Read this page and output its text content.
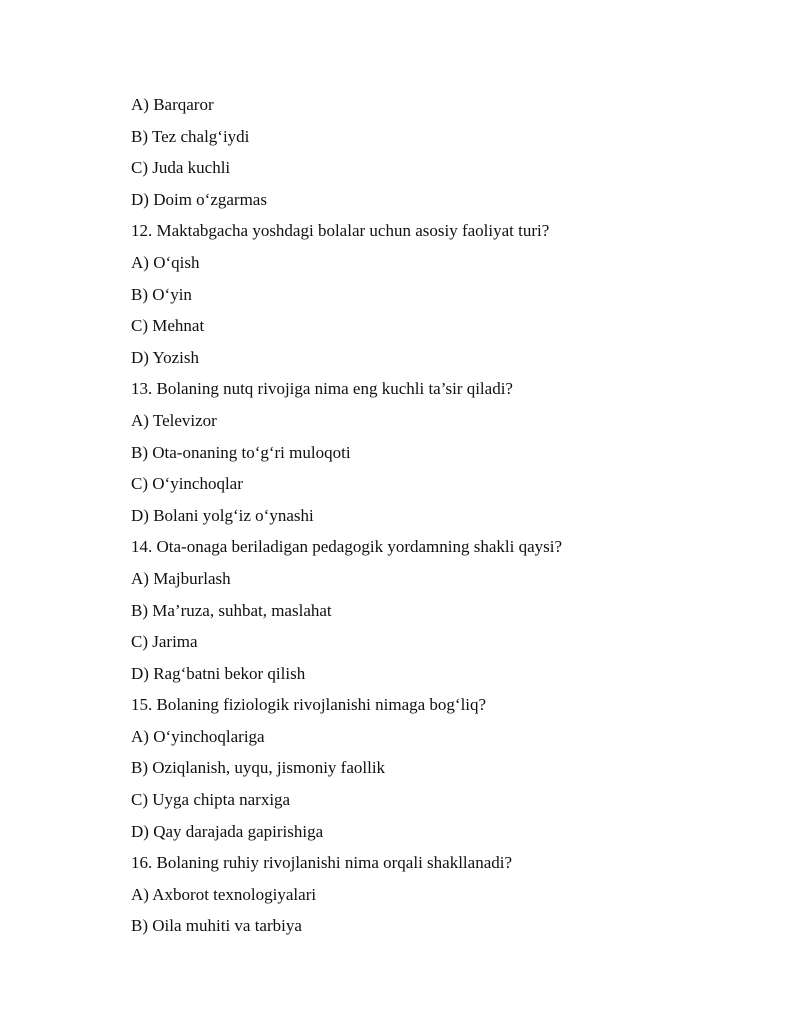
A) Barqaror
B) Tez chalg‘iydi
C) Juda kuchli
D) Doim o‘zgarmas
12. Maktabgacha yoshdagi bolalar uchun asosiy faoliyat turi?
A) O‘qish
B) O‘yin
C) Mehnat
D) Yozish
13. Bolaning nutq rivojiga nima eng kuchli ta’sir qiladi?
A) Televizor
B) Ota-onaning to‘g‘ri muloqoti
C) O‘yinchoqlar
D) Bolani yolg‘iz o‘ynashi
14. Ota-onaga beriladigan pedagogik yordamning shakli qaysi?
A) Majburlash
B) Ma’ruza, suhbat, maslahat
C) Jarima
D) Rag‘batni bekor qilish
15. Bolaning fiziologik rivojlanishi nimaga bog‘liq?
A) O‘yinchoqlariga
B) Oziqlanish, uyqu, jismoniy faollik
C) Uyga chipta narxiga
D) Qay darajada gapirishiga
16. Bolaning ruhiy rivojlanishi nima orqali shakllanadi?
A) Axborot texnologiyalari
B) Oila muhiti va tarbiya
